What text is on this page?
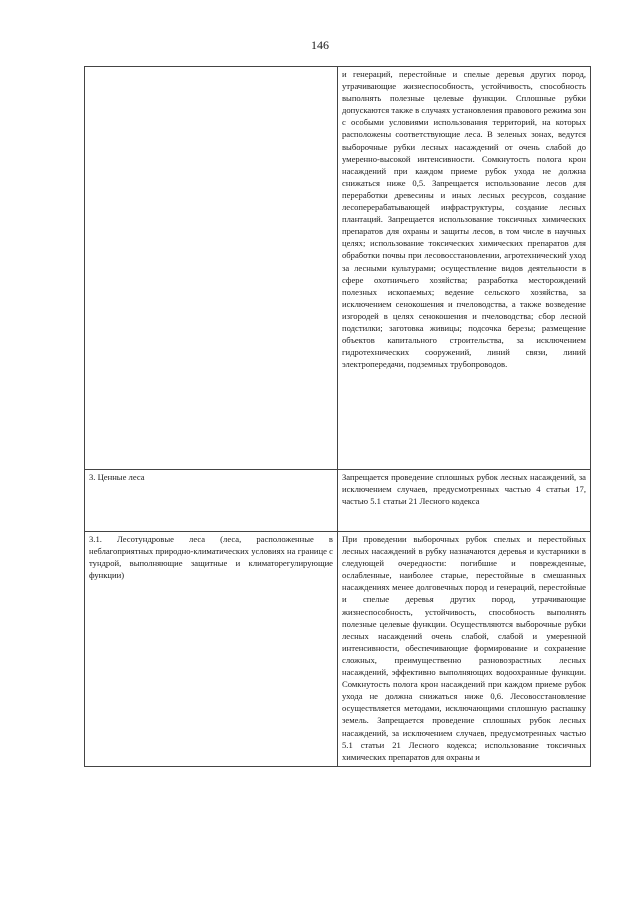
146
	и генераций, перестойные и спелые деревья других пород, утрачивающие жизнеспособность, устойчивость, способность выполнять полезные целевые функции. Сплошные рубки допускаются также в случаях установления правового режима зон с особыми условиями использования территорий, на которых расположены соответствующие леса. В зеленых зонах, ведутся выборочные рубки лесных насаждений от очень слабой до умеренно-высокой интенсивности. Сомкнутость полога крон насаждений при каждом приеме рубок ухода не должна снижаться ниже 0,5. Запрещается использование лесов для переработки древесины и иных лесных ресурсов, создание лесоперерабатывающей инфраструктуры, создание лесных плантаций. Запрещается использование токсичных химических препаратов для охраны и защиты лесов, в том числе в научных целях; использование токсических химических препаратов для обработки почвы при лесовосстановлении, агротехнический уход за лесными культурами; осуществление видов деятельности в сфере охотничьего хозяйства; разработка месторождений полезных ископаемых; ведение сельского хозяйства, за исключением сенокошения и пчеловодства, а также возведение изгородей в целях сенокошения и пчеловодства; сбор лесной подстилки; заготовка живицы; подсочка березы; размещение объектов капитального строительства, за исключением гидротехнических сооружений, линий связи, линий электропередачи, подземных трубопроводов.
3. Ценные леса	Запрещается проведение сплошных рубок лесных насаждений, за исключением случаев, предусмотренных частью 4 статьи 17, частью 5.1 статьи 21 Лесного кодекса
3.1. Лесотундровые леса (леса, расположенные в неблагоприятных природно-климатических условиях на границе с тундрой, выполняющие защитные и климаторегулирующие функции)	При проведении выборочных рубок спелых и перестойных лесных насаждений в рубку назначаются деревья и кустарники в следующей очередности: погибшие и поврежденные, ослабленные, наиболее старые, перестойные в смешанных насаждениях менее долговечных пород и генераций, перестойные и спелые деревья других пород, утрачивающие жизнеспособность, устойчивость, способность выполнять полезные целевые функции. Осуществляются выборочные рубки лесных насаждений очень слабой, слабой и умеренной интенсивности, обеспечивающие формирование и сохранение сложных, преимущественно разновозрастных лесных насаждений, эффективно выполняющих водоохранные функции. Сомкнутость полога крон насаждений при каждом приеме рубок ухода не должна снижаться ниже 0,6. Лесовосстановление осуществляется методами, исключающими сплошную распашку земель. Запрещается проведение сплошных рубок лесных насаждений, за исключением случаев, предусмотренных частью 5.1 статьи 21 Лесного кодекса; использование токсичных химических препаратов для охраны и
